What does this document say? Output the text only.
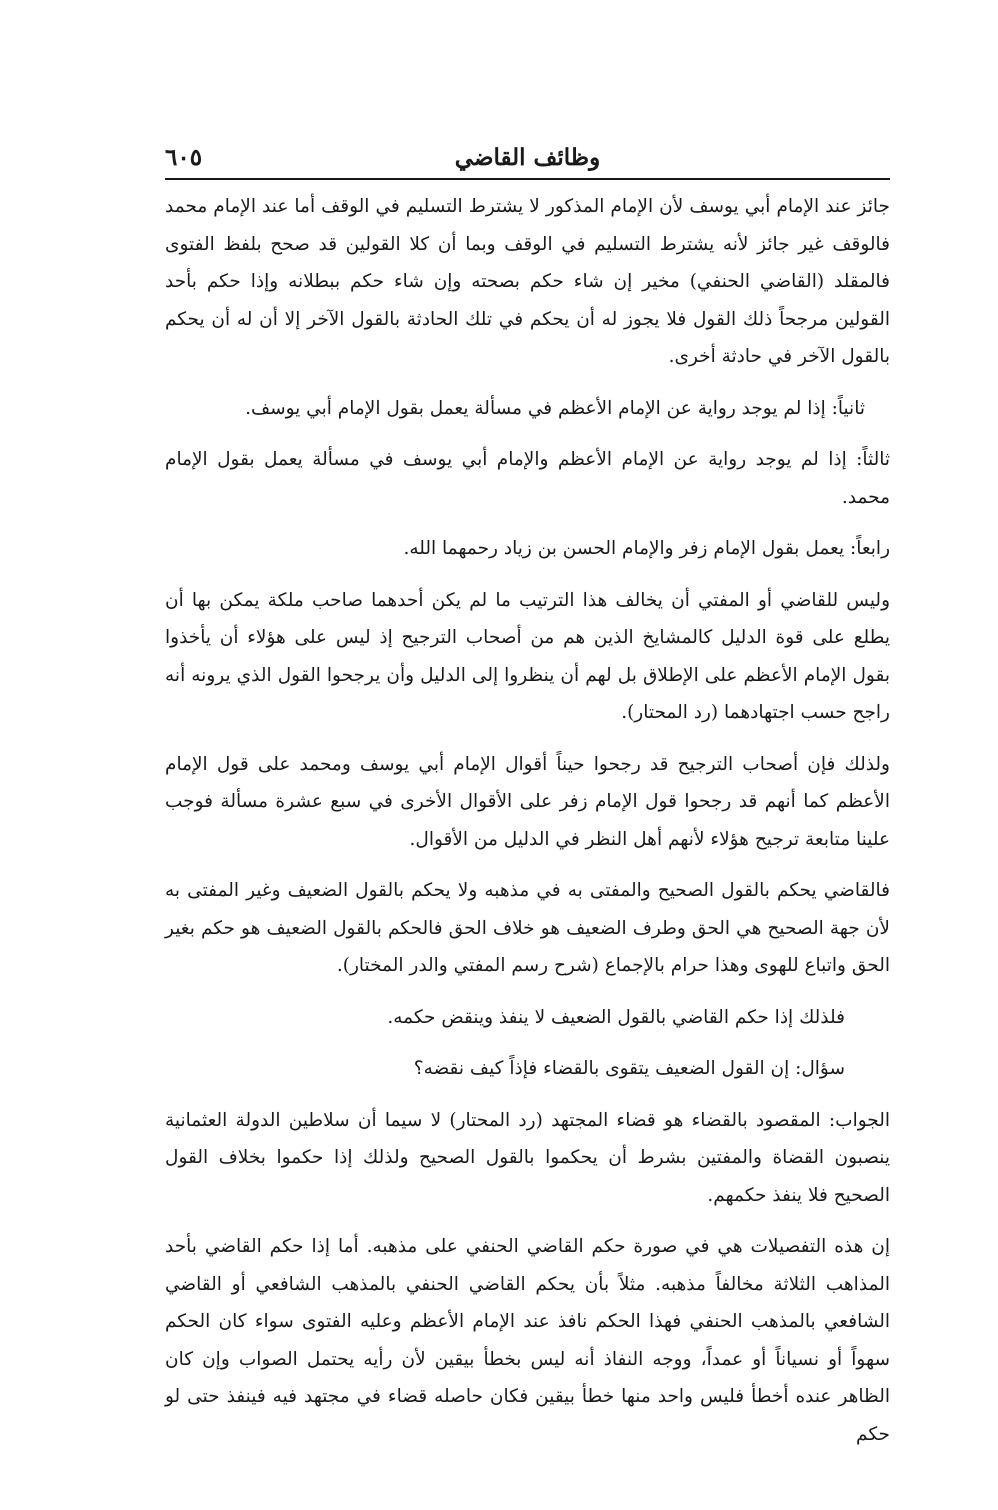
وظائف القاضي
٦٠٥

جائز عند الإمام أبي يوسف لأن الإمام المذكور لا يشترط التسليم في الوقف أما عند الإمام محمد فالوقف غير جائز لأنه يشترط التسليم في الوقف وبما أن كلا القولين قد صحح بلفظ الفتوى فالمقلد (القاضي الحنفي) مخير إن شاء حكم بصحته وإن شاء حكم ببطلانه وإذا حكم بأحد القولين مرجحاً ذلك القول فلا يجوز له أن يحكم في تلك الحادثة بالقول الآخر إلا أن له أن يحكم بالقول الآخر في حادثة أخرى.

ثانياً: إذا لم يوجد رواية عن الإمام الأعظم في مسألة يعمل بقول الإمام أبي يوسف.

ثالثاً: إذا لم يوجد رواية عن الإمام الأعظم والإمام أبي يوسف في مسألة يعمل بقول الإمام محمد.

رابعاً: يعمل بقول الإمام زفر والإمام الحسن بن زياد رحمهما الله.

وليس للقاضي أو المفتي أن يخالف هذا الترتيب ما لم يكن أحدهما صاحب ملكة يمكن بها أن يطلع على قوة الدليل كالمشايخ الذين هم من أصحاب الترجيح إذ ليس على هؤلاء أن يأخذوا بقول الإمام الأعظم على الإطلاق بل لهم أن ينظروا إلى الدليل وأن يرجحوا القول الذي يرونه أنه راجح حسب اجتهادهما (رد المحتار).

ولذلك فإن أصحاب الترجيح قد رجحوا حيناً أقوال الإمام أبي يوسف ومحمد على قول الإمام الأعظم كما أنهم قد رجحوا قول الإمام زفر على الأقوال الأخرى في سبع عشرة مسألة فوجب علينا متابعة ترجيح هؤلاء لأنهم أهل النظر في الدليل من الأقوال.

فالقاضي يحكم بالقول الصحيح والمفتى به في مذهبه ولا يحكم بالقول الضعيف وغير المفتى به لأن جهة الصحيح هي الحق وطرف الضعيف هو خلاف الحق فالحكم بالقول الضعيف هو حكم بغير الحق واتباع للهوى وهذا حرام بالإجماع (شرح رسم المفتي والدر المختار).

فلذلك إذا حكم القاضي بالقول الضعيف لا ينفذ وينقض حكمه.

سؤال: إن القول الضعيف يتقوى بالقضاء فإذاً كيف نقضه؟

الجواب: المقصود بالقضاء هو قضاء المجتهد (رد المحتار) لا سيما أن سلاطين الدولة العثمانية ينصبون القضاة والمفتين بشرط أن يحكموا بالقول الصحيح ولذلك إذا حكموا بخلاف القول الصحيح فلا ينفذ حكمهم.

إن هذه التفصيلات هي في صورة حكم القاضي الحنفي على مذهبه. أما إذا حكم القاضي بأحد المذاهب الثلاثة مخالفاً مذهبه. مثلاً بأن يحكم القاضي الحنفي بالمذهب الشافعي أو القاضي الشافعي بالمذهب الحنفي فهذا الحكم نافذ عند الإمام الأعظم وعليه الفتوى سواء كان الحكم سهواً أو نسياناً أو عمداً، ووجه النفاذ أنه ليس بخطأ بيقين لأن رأيه يحتمل الصواب وإن كان الظاهر عنده أخطأ فليس واحد منها خطأ بيقين فكان حاصله قضاء في مجتهد فيه فينفذ حتى لو حكم
